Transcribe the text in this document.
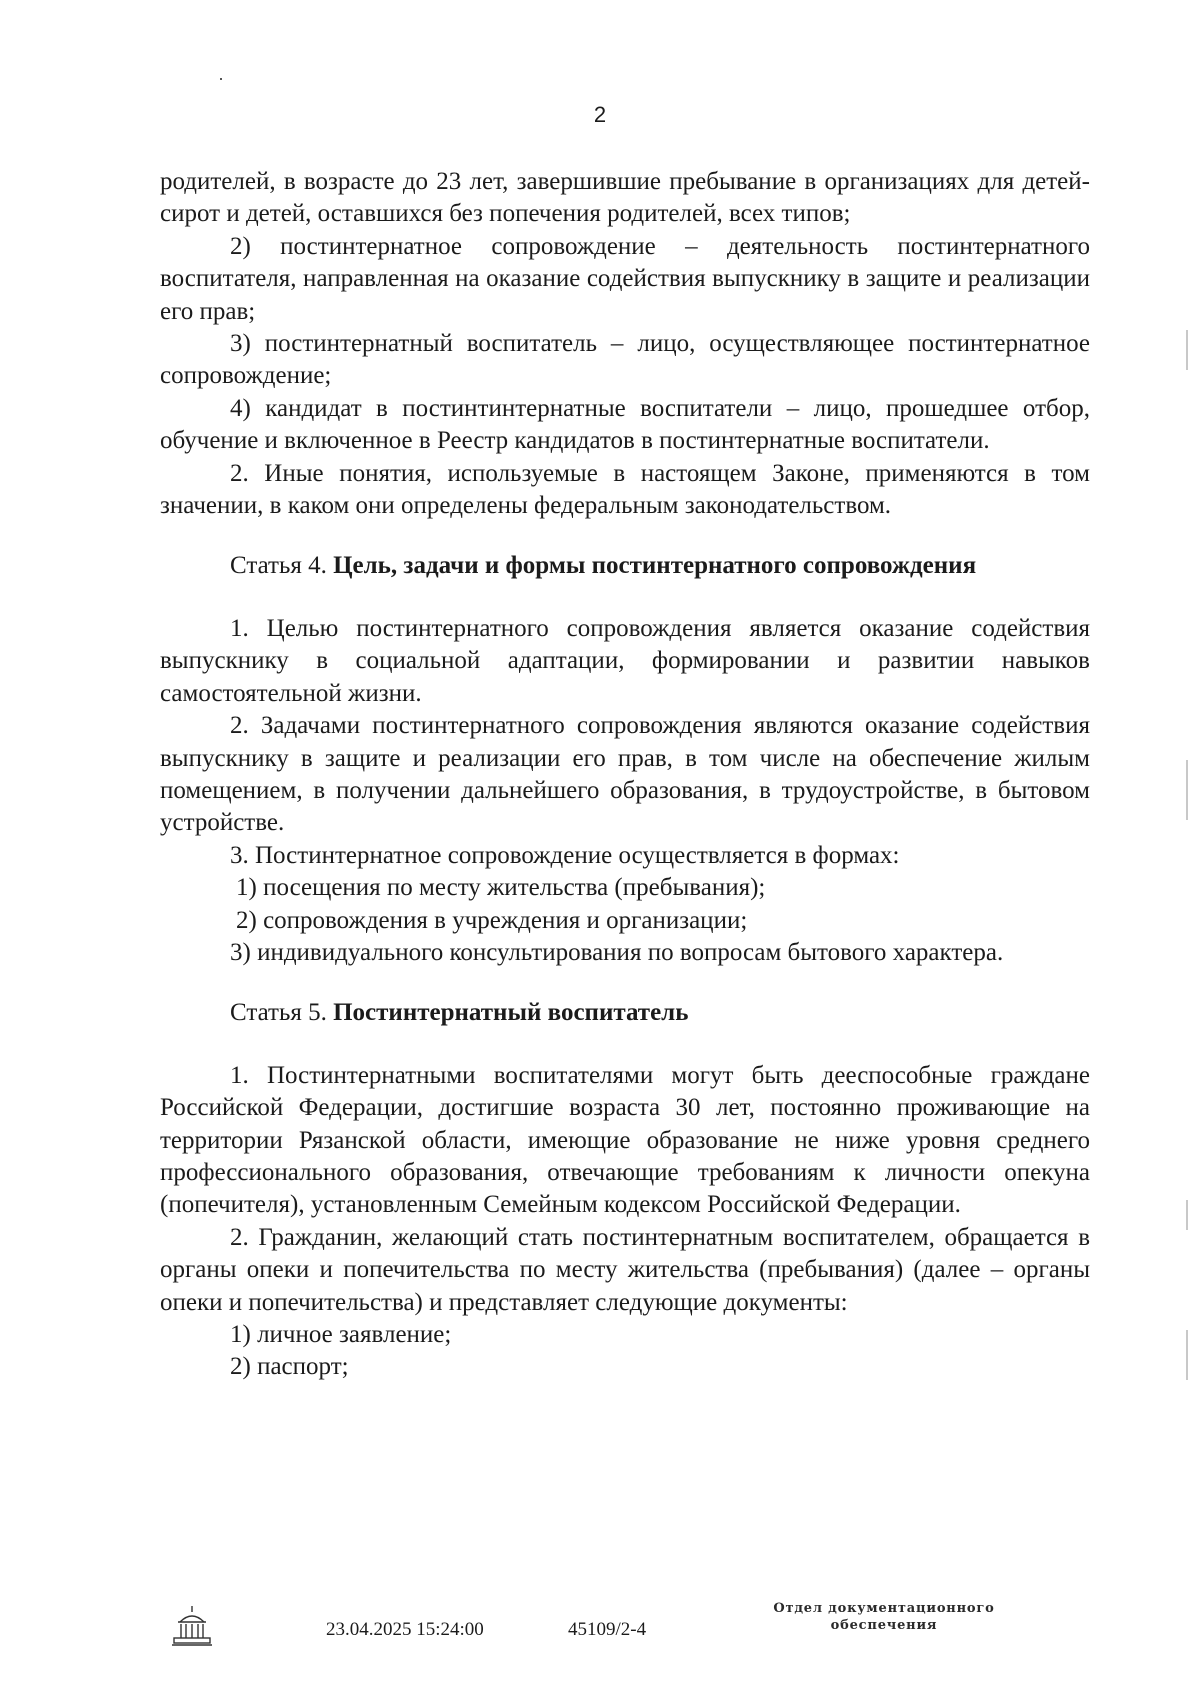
2

родителей, в возрасте до 23 лет, завершившие пребывание в организациях для детей-сирот и детей, оставшихся без попечения родителей, всех типов;

2) постинтернатное сопровождение – деятельность постинтернатного воспитателя, направленная на оказание содействия выпускнику в защите и реализации его прав;

3) постинтернатный воспитатель – лицо, осуществляющее постинтернатное сопровождение;

4) кандидат в постинтинтернатные воспитатели – лицо, прошедшее отбор, обучение и включенное в Реестр кандидатов в постинтернатные воспитатели.

2. Иные понятия, используемые в настоящем Законе, применяются в том значении, в каком они определены федеральным законодательством.

Статья 4. Цель, задачи и формы постинтернатного сопровождения

1. Целью постинтернатного сопровождения является оказание содействия выпускнику в социальной адаптации, формировании и развитии навыков самостоятельной жизни.

2. Задачами постинтернатного сопровождения являются оказание содействия выпускнику в защите и реализации его прав, в том числе на обеспечение жилым помещением, в получении дальнейшего образования, в трудоустройстве, в бытовом устройстве.

3. Постинтернатное сопровождение осуществляется в формах:

1) посещения по месту жительства (пребывания);

2) сопровождения в учреждения и организации;

3) индивидуального консультирования по вопросам бытового характера.

Статья 5. Постинтернатный воспитатель

1. Постинтернатными воспитателями могут быть дееспособные граждане Российской Федерации, достигшие возраста 30 лет, постоянно проживающие на территории Рязанской области, имеющие образование не ниже уровня среднего профессионального образования, отвечающие требованиям к личности опекуна (попечителя), установленным Семейным кодексом Российской Федерации.

2. Гражданин, желающий стать постинтернатным воспитателем, обращается в органы опеки и попечительства по месту жительства (пребывания) (далее – органы опеки и попечительства) и представляет следующие документы:

1) личное заявление;

2) паспорт;

23.04.2025 15:24:00	45109/2-4
Отдел документационного
обеспечения
